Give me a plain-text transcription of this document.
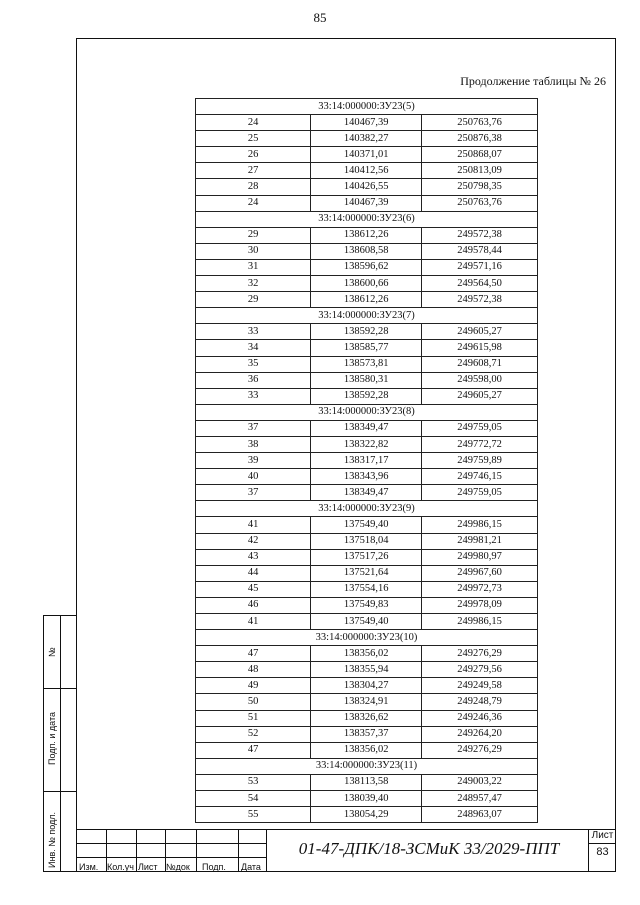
85
Продолжение таблицы № 26
33:14:000000:ЗУ23(5)		
24	140467,39	250763,76
25	140382,27	250876,38
26	140371,01	250868,07
27	140412,56	250813,09
28	140426,55	250798,35
24	140467,39	250763,76
33:14:000000:ЗУ23(6)		
29	138612,26	249572,38
30	138608,58	249578,44
31	138596,62	249571,16
32	138600,66	249564,50
29	138612,26	249572,38
33:14:000000:ЗУ23(7)		
33	138592,28	249605,27
34	138585,77	249615,98
35	138573,81	249608,71
36	138580,31	249598,00
33	138592,28	249605,27
33:14:000000:ЗУ23(8)		
37	138349,47	249759,05
38	138322,82	249772,72
39	138317,17	249759,89
40	138343,96	249746,15
37	138349,47	249759,05
33:14:000000:ЗУ23(9)		
41	137549,40	249986,15
42	137518,04	249981,21
43	137517,26	249980,97
44	137521,64	249967,60
45	137554,16	249972,73
46	137549,83	249978,09
41	137549,40	249986,15
33:14:000000:ЗУ23(10)		
47	138356,02	249276,29
48	138355,94	249279,56
49	138304,27	249249,58
50	138324,91	249248,79
51	138326,62	249246,36
52	138357,37	249264,20
47	138356,02	249276,29
33:14:000000:ЗУ23(11)		
53	138113,58	249003,22
54	138039,40	248957,47
55	138054,29	248963,07
№
Подп. и дата
Инв. № подл. Изм. Кол.уч Лист №док Подп. Дата
01-47-ДПК/18-ЗСМиК 33/2029-ППТ
Лист
83
